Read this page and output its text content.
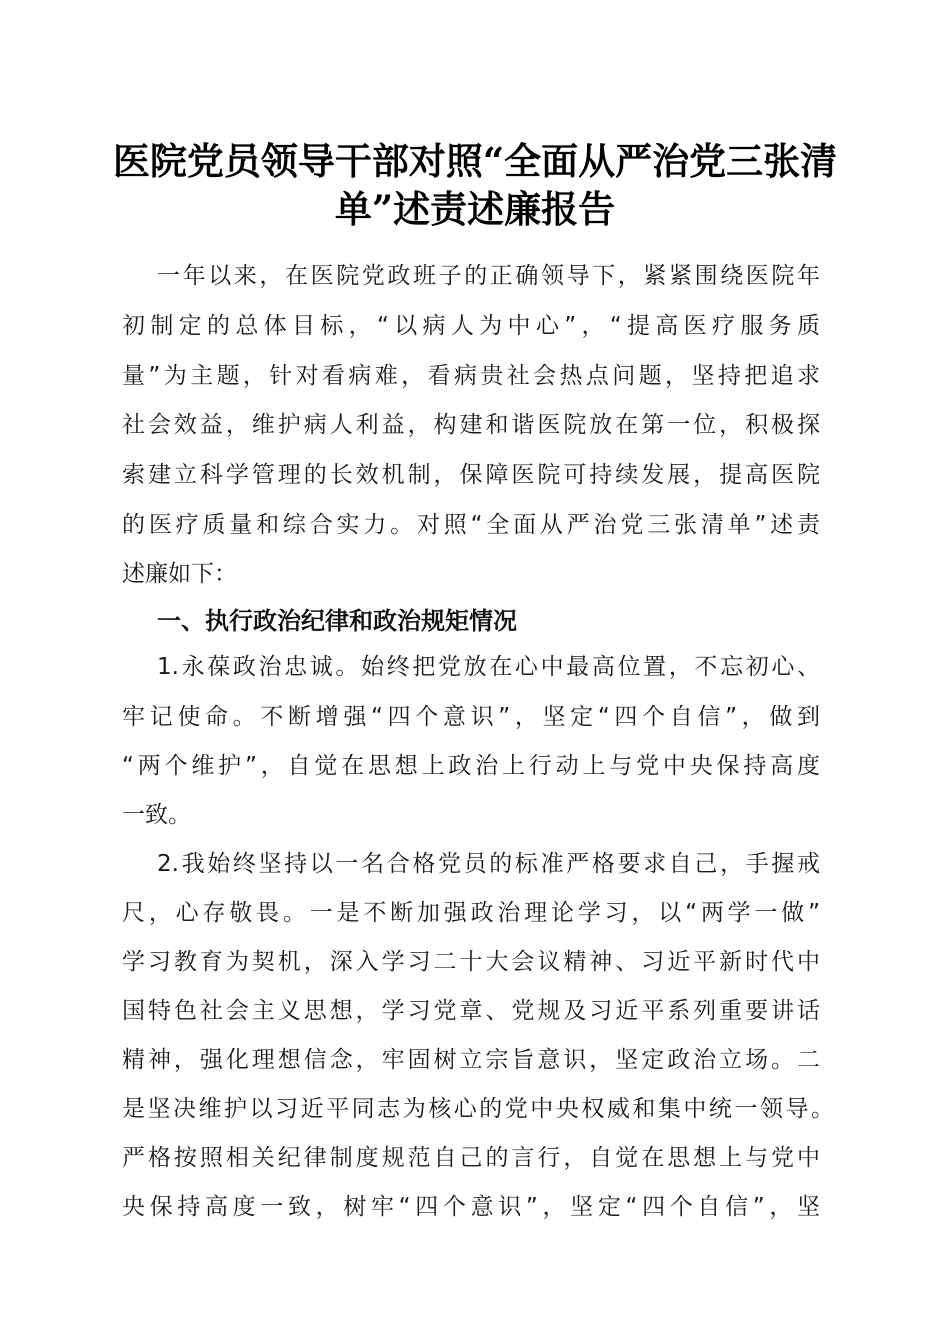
医院党员领导干部对照“全面从严治党三张清
单”述责述廉报告
一年以来，在医院党政班子的正确领导下，紧紧围绕医院年
初制定的总体目标，“以病人为中心”，“提高医疗服务质
量”为主题，针对看病难，看病贵社会热点问题，坚持把追求
社会效益，维护病人利益，构建和谐医院放在第一位，积极探
索建立科学管理的长效机制，保障医院可持续发展，提高医院
的医疗质量和综合实力。对照“全面从严治党三张清单”述责
述廉如下：
一、执行政治纪律和政治规矩情况
1.永葆政治忠诚。始终把党放在心中最高位置，不忘初心、
牢记使命。不断增强“四个意识”，坚定“四个自信”，做到
“两个维护”，自觉在思想上政治上行动上与党中央保持高度
一致。
2.我始终坚持以一名合格党员的标准严格要求自己，手握戒
尺，心存敬畏。一是不断加强政治理论学习，以“两学一做”
学习教育为契机，深入学习二十大会议精神、习近平新时代中
国特色社会主义思想，学习党章、党规及习近平系列重要讲话
精神，强化理想信念，牢固树立宗旨意识，坚定政治立场。二
是坚决维护以习近平同志为核心的党中央权威和集中统一领导。
严格按照相关纪律制度规范自己的言行，自觉在思想上与党中
央保持高度一致，树牢“四个意识”，坚定“四个自信”，坚
